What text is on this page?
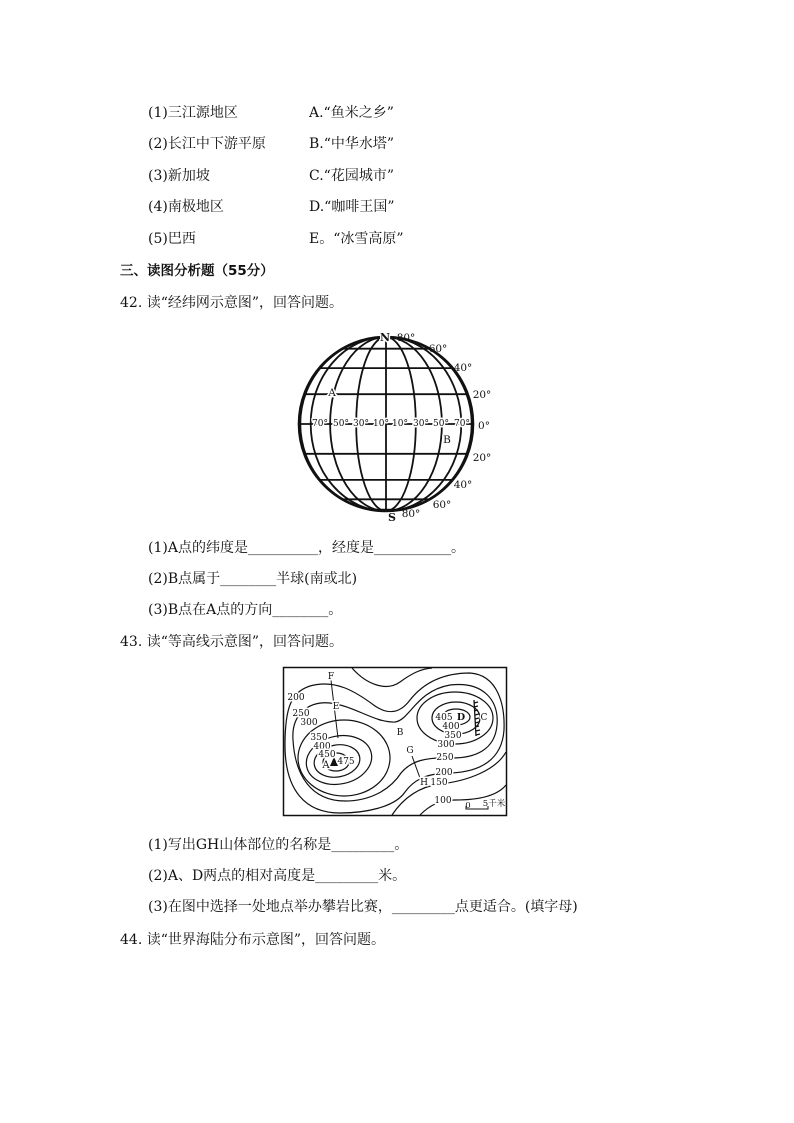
(1)三江源地区	A.“鱼米之乡”
(2)长江中下游平原	B.“中华水塔”
(3)新加坡	C.“花园城市”
(4)南极地区	D.“咖啡王国”
(5)巴西	E。“冰雪高原”
三、读图分析题（55分）
42. 读“经纬网示意图”，回答问题。
N 80°
S 80°
60°
40°
20°
0°
20°
40°
60°
70° 50° 30° 10° 10° 30° 50° 70°
A
B
(1)A点的纬度是__________，经度是___________。
(2)B点属于________半球(南或北)
(3)B点在A点的方向________。
43. 读“等高线示意图”，回答问题。
200
250
300
350
400
450
A 475
F
E
B
G
H
C
405 D
400
350
300
250
200
150
100 0 5千米
(1)写出GH山体部位的名称是_________。
(2)A、D两点的相对高度是_________米。
(3)在图中选择一处地点举办攀岩比赛，_________点更适合。(填字母)
44. 读“世界海陆分布示意图”，回答问题。
